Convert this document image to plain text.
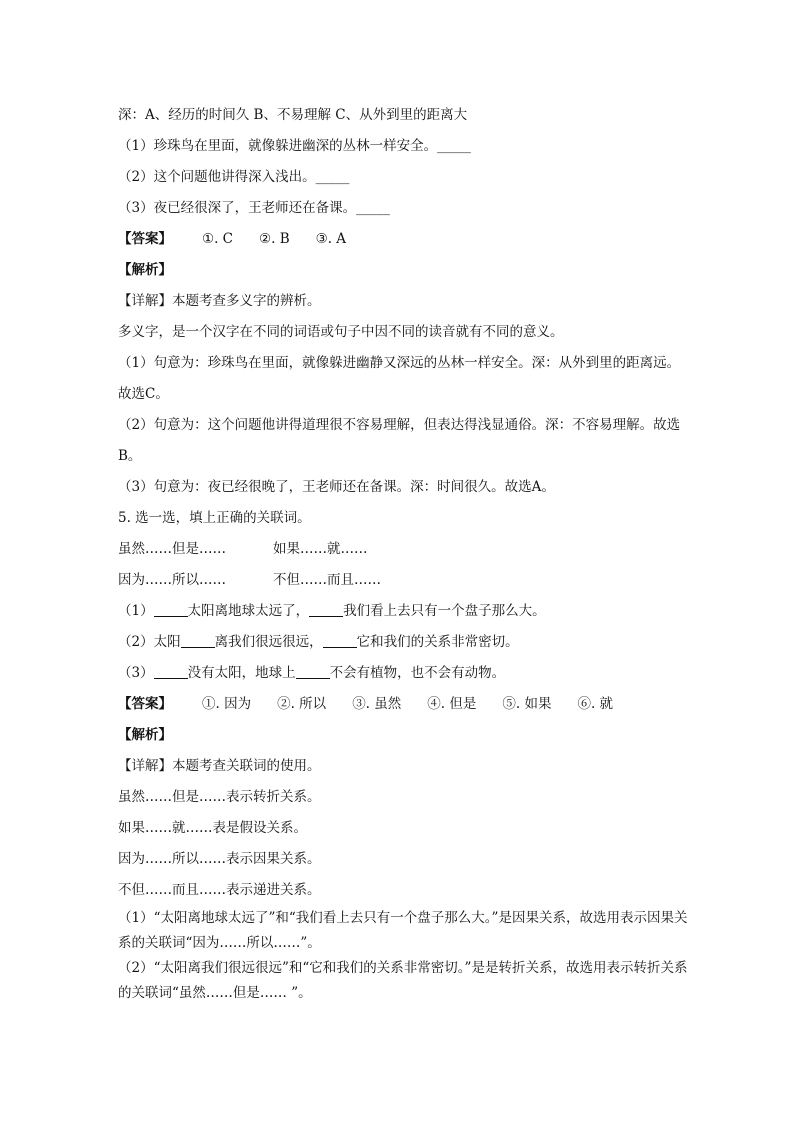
深：A、经历的时间久 B、不易理解 C、从外到里的距离大
（1）珍珠鸟在里面，就像躲进幽深的丛林一样安全。_____
（2）这个问题他讲得深入浅出。_____
（3）夜已经很深了，王老师还在备课。_____
【答案】 ①. C ②. B ③. A
【解析】
【详解】本题考查多义字的辨析。
多义字，是一个汉字在不同的词语或句子中因不同的读音就有不同的意义。
（1）句意为：珍珠鸟在里面，就像躲进幽静又深远的丛林一样安全。深：从外到里的距离远。故选C。
（2）句意为：这个问题他讲得道理很不容易理解，但表达得浅显通俗。深：不容易理解。故选B。
（3）句意为：夜已经很晚了，王老师还在备课。深：时间很久。故选A。
5. 选一选，填上正确的关联词。
虽然……但是……	如果……就……
因为……所以……	不但……而且……
（1）	太阳离地球太远了，	我们看上去只有一个盘子那么大。
（2）太阳	离我们很远很远，	它和我们的关系非常密切。
（3）	没有太阳，地球上	不会有植物，也不会有动物。
【答案】 ①. 因为 ②. 所以 ③. 虽然 ④. 但是 ⑤. 如果 ⑥. 就
【解析】
【详解】本题考查关联词的使用。
虽然……但是……表示转折关系。
如果……就……表是假设关系。
因为……所以……表示因果关系。
不但……而且……表示递进关系。
（1）“太阳离地球太远了”和“我们看上去只有一个盘子那么大。”是因果关系，故选用表示因果关系的关联词“因为……所以……”。
（2）“太阳离我们很远很远”和“它和我们的关系非常密切。”是是转折关系，故选用表示转折关系的关联词“虽然……但是…… ”。
